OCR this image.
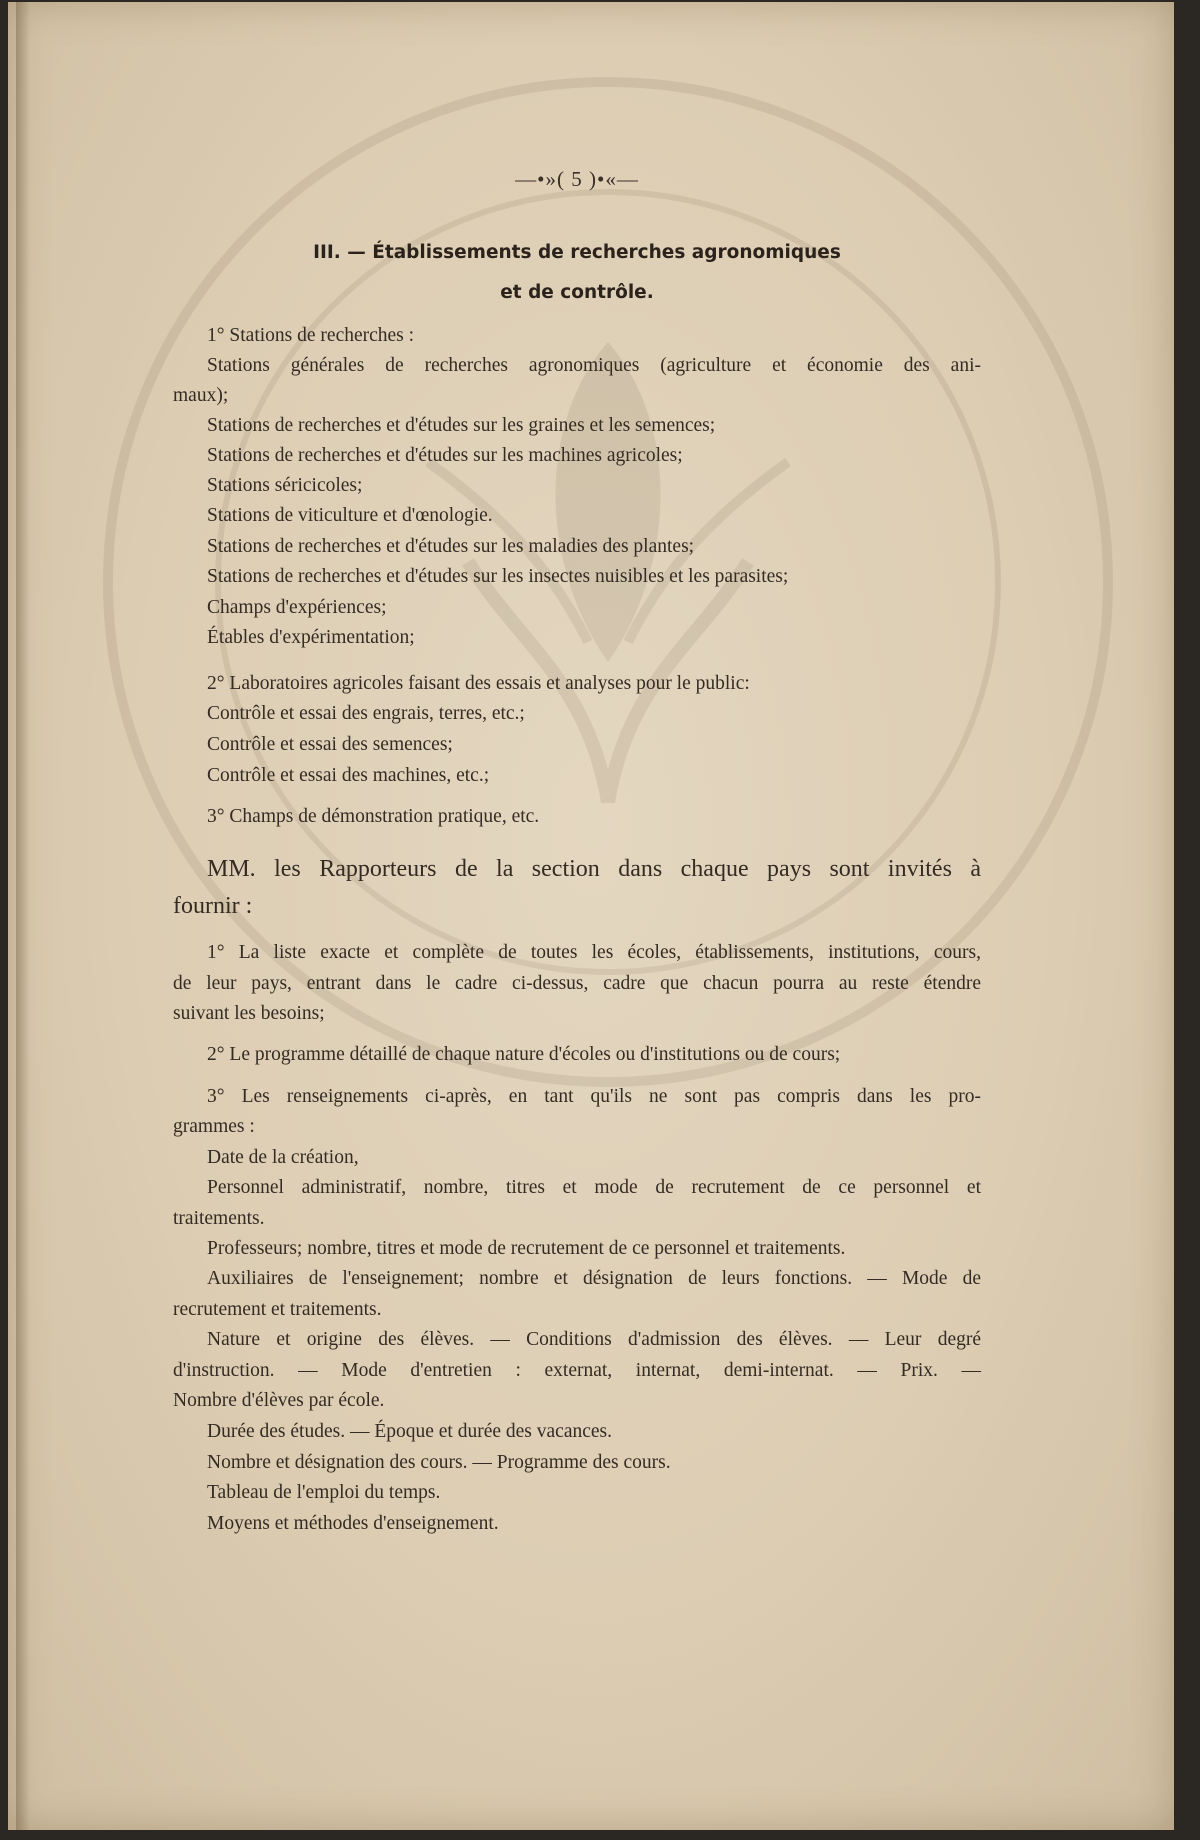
—•»( 5 )•«—
III. — Établissements de recherches agronomiques
et de contrôle.
1° Stations de recherches :
Stations générales de recherches agronomiques (agriculture et économie des ani-
maux);
Stations de recherches et d'études sur les graines et les semences;
Stations de recherches et d'études sur les machines agricoles;
Stations séricicoles;
Stations de viticulture et d'œnologie.
Stations de recherches et d'études sur les maladies des plantes;
Stations de recherches et d'études sur les insectes nuisibles et les parasites;
Champs d'expériences;
Étables d'expérimentation;
2° Laboratoires agricoles faisant des essais et analyses pour le public:
Contrôle et essai des engrais, terres, etc.;
Contrôle et essai des semences;
Contrôle et essai des machines, etc.;
3° Champs de démonstration pratique, etc.
MM. les Rapporteurs de la section dans chaque pays sont invités à
fournir :
1° La liste exacte et complète de toutes les écoles, établissements, institutions, cours,
de leur pays, entrant dans le cadre ci-dessus, cadre que chacun pourra au reste étendre
suivant les besoins;
2° Le programme détaillé de chaque nature d'écoles ou d'institutions ou de cours;
3° Les renseignements ci-après, en tant qu'ils ne sont pas compris dans les pro-
grammes :
Date de la création,
Personnel administratif, nombre, titres et mode de recrutement de ce personnel et
traitements.
Professeurs; nombre, titres et mode de recrutement de ce personnel et traitements.
Auxiliaires de l'enseignement; nombre et désignation de leurs fonctions. — Mode de
recrutement et traitements.
Nature et origine des élèves. — Conditions d'admission des élèves. — Leur degré
d'instruction. — Mode d'entretien : externat, internat, demi-internat. — Prix. —
Nombre d'élèves par école.
Durée des études. — Époque et durée des vacances.
Nombre et désignation des cours. — Programme des cours.
Tableau de l'emploi du temps.
Moyens et méthodes d'enseignement.
